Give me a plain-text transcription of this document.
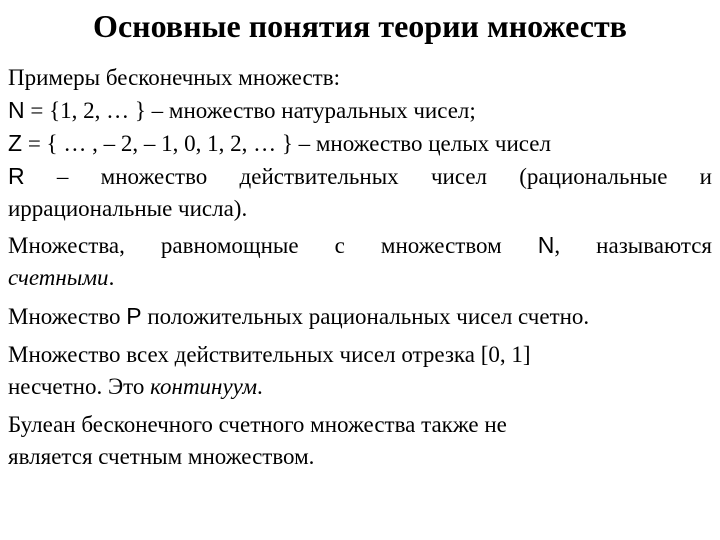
Основные понятия теории множеств
Примеры бесконечных множеств:
N = {1, 2, … } – множество натуральных чисел;
Z = { … , – 2, – 1, 0, 1, 2, … } – множество целых чисел
R – множество действительных чисел (рациональные и
иррациональные числа).
Множества, равномощные с множеством N, называются
счетными.
Множество P положительных рациональных чисел счетно.
Множество всех действительных чисел отрезка [0, 1]
несчетно. Это континуум.
Булеан бесконечного счетного множества также не
является счетным множеством.
